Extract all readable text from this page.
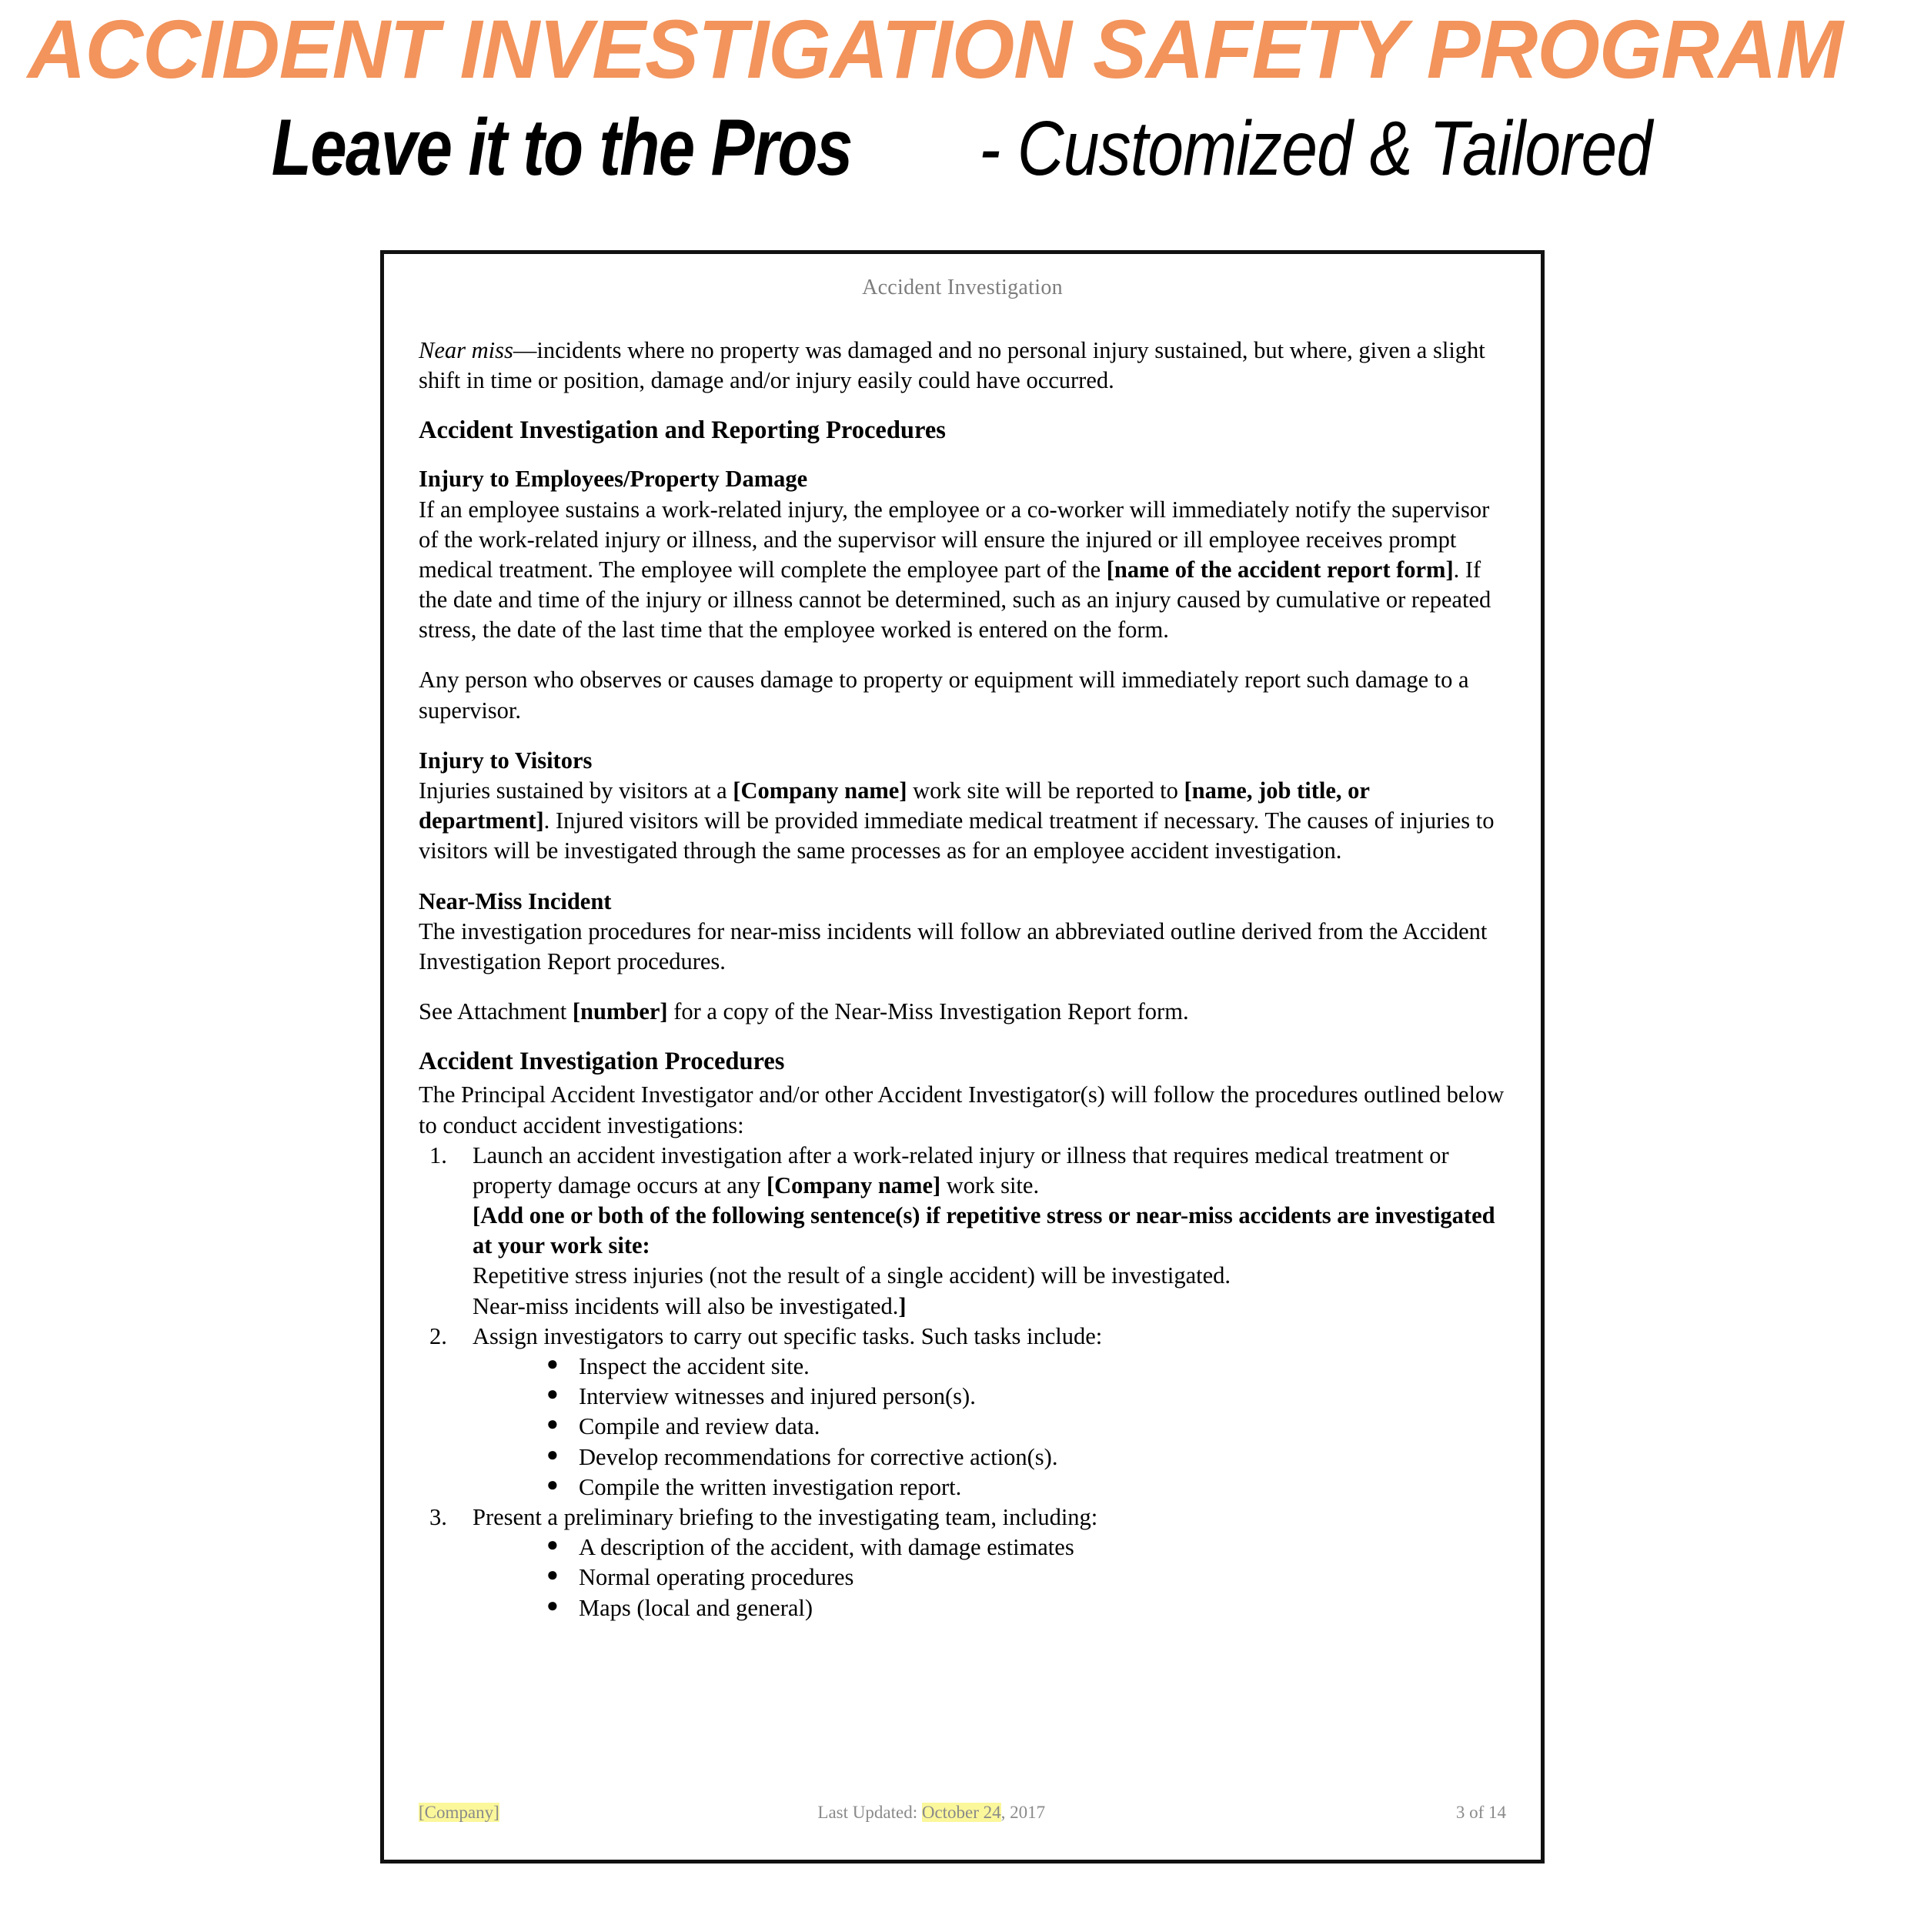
ACCIDENT INVESTIGATION SAFETY PROGRAM
Leave it to the Pros - Customized & Tailored
Accident Investigation

Near miss—incidents where no property was damaged and no personal injury sustained, but where, given a slight shift in time or position, damage and/or injury easily could have occurred.

Accident Investigation and Reporting Procedures
Injury to Employees/Property Damage

If an employee sustains a work-related injury, the employee or a co-worker will immediately notify the supervisor of the work-related injury or illness, and the supervisor will ensure the injured or ill employee receives prompt medical treatment. The employee will complete the employee part of the [name of the accident report form]. If the date and time of the injury or illness cannot be determined, such as an injury caused by cumulative or repeated stress, the date of the last time that the employee worked is entered on the form.

Any person who observes or causes damage to property or equipment will immediately report such damage to a supervisor.

Injury to Visitors

Injuries sustained by visitors at a [Company name] work site will be reported to [name, job title, or department]. Injured visitors will be provided immediate medical treatment if necessary. The causes of injuries to visitors will be investigated through the same processes as for an employee accident investigation.

Near-Miss Incident

The investigation procedures for near-miss incidents will follow an abbreviated outline derived from the Accident Investigation Report procedures.

See Attachment [number] for a copy of the Near-Miss Investigation Report form.

Accident Investigation Procedures

The Principal Accident Investigator and/or other Accident Investigator(s) will follow the procedures outlined below to conduct accident investigations:

1.	Launch an accident investigation after a work-related injury or illness that requires medical treatment or property damage occurs at any [Company name] work site.
[Add one or both of the following sentence(s) if repetitive stress or near-miss accidents are investigated at your work site:
Repetitive stress injuries (not the result of a single accident) will be investigated.
Near-miss incidents will also be investigated.]
2.	Assign investigators to carry out specific tasks. Such tasks include:
● Inspect the accident site.
● Interview witnesses and injured person(s).
● Compile and review data.
● Develop recommendations for corrective action(s).
● Compile the written investigation report.
3.	Present a preliminary briefing to the investigating team, including:
● A description of the accident, with damage estimates
● Normal operating procedures
● Maps (local and general)
[Company]	Last Updated: October 24, 2017	3 of 14
